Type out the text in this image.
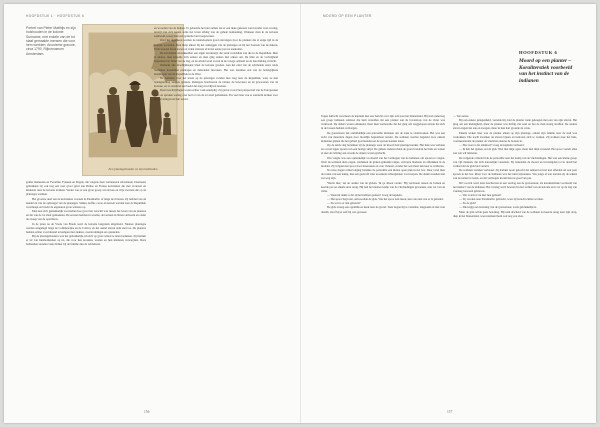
HOOFDSTUK 1 · HOOFDSTUK 6
Portret van Pieter Matthijs en zijn huishouden in de kolonie Suriname, met enkele van de tot slaaf gemaakte mensen die voor hem werkten. Anonieme gravure, circa 1790. Rijksmuseum Amsterdam.
Een plantagehouder en zijn bedienden

gelder markeden en Twaalfde. Fransen en Engels, die volgens deze vernieuwen reformeren. Daarnaast gebruikten zij ook nog een zeer groot getal aan Duitse en Franse kolonisten die met vrouwen en kinderen naar de kolonie trokken. Verder was er een grote groep van slaven en vrije zwarten die op de plantages werkten.

Het grootste deel van de kolonisten woonde in Paramaribo of langs de rivieren. Zij leefden van de handel en van de opbrengst van de plantages. Suiker, koffie, cacao en katoen werden naar de Republiek verscheept en bracht de eigenaren grote winsten op.

Men kan zich gemakkelijk voorstellen hoe groot het verschil was tussen het leven van de planters en dat van de tot slaaf gemaakten. De eersten leefden in weelde, de laatsten in bittere armoede en onder de zweep van de opzichters.

In de jaren na de Vrede van Breda werd de kolonie langzaam uitgebreid. Nieuwe plantages werden aangelegd langs de Commewijne en de Cottica, en het aantal slaven nam snel toe. De planters hadden echter voortdurend te kampen met ziekten, overstromingen en opstanden.

Bij de plantagehouders was het gebruikelijk om zich op grote schaal te laten bedienen. Zij hielden er tal van huisbedienden op na, die voor hen kookten, wasten en hun kinderen verzorgden. Deze bedienden stonden vaak dichter bij de familie dan de veldslaven.

en woorden van de hulpen. Er gebeurde het niet zelden dat er een mate gekozen werd zonder veel overleg, terwijl van zo'n keuze soms het leven afhing van de gehele bemanning. Wanneer men in de kolonie aankwam, kreeg men een gedeelte land toegewezen.

Over het algemeen werden de nieuwkomers goed ontvangen door de planters die al enige tijd in de kolonie woonden. Men hielp elkaar bij het aanleggen van de plantages en bij het bouwen van de huizen. Toch was het leven zwaar en velen stierven al in het eerste jaar na aankomst.

De kolonisten ontwikkelden een eigen levensstijl, die sterk verschilde van die in de Republiek. Men at anders, men kleedde zich anders en men ging anders met elkaar om. De hitte en de vochtigheid bepaalden het ritme van de dag, en de arbeid werd vooral in de vroege ochtend en de late middag verricht.

Ondanks alle moeilijkheden bleef de kolonie groeien. Aan het eind van de achttiende eeuw telde Suriname honderden plantages en duizenden inwoners. Het was daarmee een van de belangrijkste bezittingen van de Republiek in de West.

De verhalen over het leven op de plantages vonden hun weg naar de Republiek, waar ze met belangstelling werden gelezen. Reizigers beschreven de natuur, de bewoners en de gewoonten van de kolonie, en zo ontstond een beeld dat lang zou blijven bestaan.

Deze beschrijvingen waren echter vaak eenzijdig. Zij gaven vooral het perspectief van de Europeanen weer en spraken weinig over het lot van de tot slaaf gemaakten. Pas veel later zou er aandacht komen voor hun ervaringen en hun verzet.

156
MOORD OP EEN PLANTER
HOOFDSTUK 6
Moord op een planter – Koraliterstiek voorbeeld van het instinct van de indianen

Tegen halfacht verscheen de kapitein met een bericht over zijn reis naar het binnenland. Hij had onderweg een groep indianen ontmoet die hem vertelden dat een planter aan de bovenloop van de rivier was vermoord. De daders waren onbekend, maar men vermoedde dat het ging om weggelopen slaven die zich in de bossen hadden verborgen.

De gouverneur liet onmiddellijk een patrouille uitrusten om de zaak te onderzoeken. Het was een tocht van meerdere dagen door moeilijk begaanbaar terrein. De soldaten werden begeleid door enkele indiaanse gidsen die het gebied goed kenden en de sporen konden lezen.

Op de derde dag bereikten zij de plantage waar de moord had plaatsgevonden. Het huis was verlaten en overal lagen sporen van een hevige strijd. De gidsen onderzochten de grond rondom het huis en wezen al snel de richting aan waarin de daders waren gevlucht.

Wat volgde was een opmerkelijk voorbeeld van het vermogen van de indianen om sporen te volgen. Waar de soldaten niets zagen, ontdekten de gidsen geknakte takjes, vertrapte bladeren en afdrukken in de modder. Zij volgden het spoor door moerassen en over rivieren, zonder het ook maar één keer te verliezen.

Na twee dagen achtervolging bereikte de patrouille een kleine open plek in het bos. Daar vond men de resten van een kamp, met een gedoofd vuur en enkele achtergelaten voorwerpen. De daders konden niet ver weg zijn.

'Wacht hier,' zei de oudste van de gidsen. 'Ik ga alleen verder.' Hij verdween tussen de bomen en keerde pas na enkele uren terug. Hij had het nieuwe kamp van de vluchtelingen gevonden, niet ver van de rivier.

— Waarom denkt u dat zij het hebben gedaan? vroeg de kapitein.

— Het spoor liegt niet, antwoordde de gids. Wie het spoor kan lezen, kan ook zien wat er is gebeurd.

— En wat is er dan gebeurd?

De gids zweeg een ogenblik en keek naar de grond. Toen begon hij te vertellen, langzaam en met veel details, alsof hij er zelf bij was geweest.

— Ten eerste.

Bij een zekere gelegenheid, vertelde hij, had de planter ruzie gekregen met een van zijn slaven. Het ging om een kleinigheid, maar de planter was driftig van aard en liet de man streng straffen. De andere slaven zagen het aan en zwegen, maar in hun hart groeide de wrok.

Enkele weken later was de planter alleen op zijn plantage, omdat zijn familie naar de stad was vertrokken. Die nacht kwamen de slaven bijeen en besloten zich te wreken. Zij trokken naar het huis, overmeesterden de planter en vluchtten daarna de bossen in.

— Hoe weet u dat allemaal? vroeg de kapitein verbaasd.

— Ik heb het gezien, zei de gids. Niet met mijn ogen, maar met mijn verstand. Het spoor vertelt alles aan wie wil luisteren.

De volgende ochtend trok de patrouille naar het kamp van de vluchtelingen. Het was een kleine groep van vijf mannen, die zich nauwelijks verzetten. Zij bekenden de moord en bevestigden tot in detail het verhaal dat de gids had verteld.

De soldaten stonden verbaasd. Zij hadden nooit geloofd dat iemand zoveel kon afleiden uit een paar sporen in het bos. Maar voor de indianen was het niets bijzonders. Van jongs af aan leerden zij de tekens van de natuur te lezen, en dat vermogen kwam hen nu goed van pas.

Dit voorval werd later beschreven in een verslag aan de gouverneur, als karakteristiek voorbeeld van het instinct van de indianen. Het verslag werd bewaard in het archief van de kolonie en is tot op de dag van vandaag bewaard gebleven.

— Wat wordt er nu met hen gedaan?

— Zij worden naar Paramaribo gebracht, waar zij berecht zullen worden.

— En de gids?

— Die krijgt een beloning van de gouverneur, zoals gebruikelijk is.

Maar de gids wilde geen beloning. Hij nam afscheid van de soldaten en keerde terug naar zijn dorp, diep in het binnenland, waar niemand hem ooit nog zou zien.

157
